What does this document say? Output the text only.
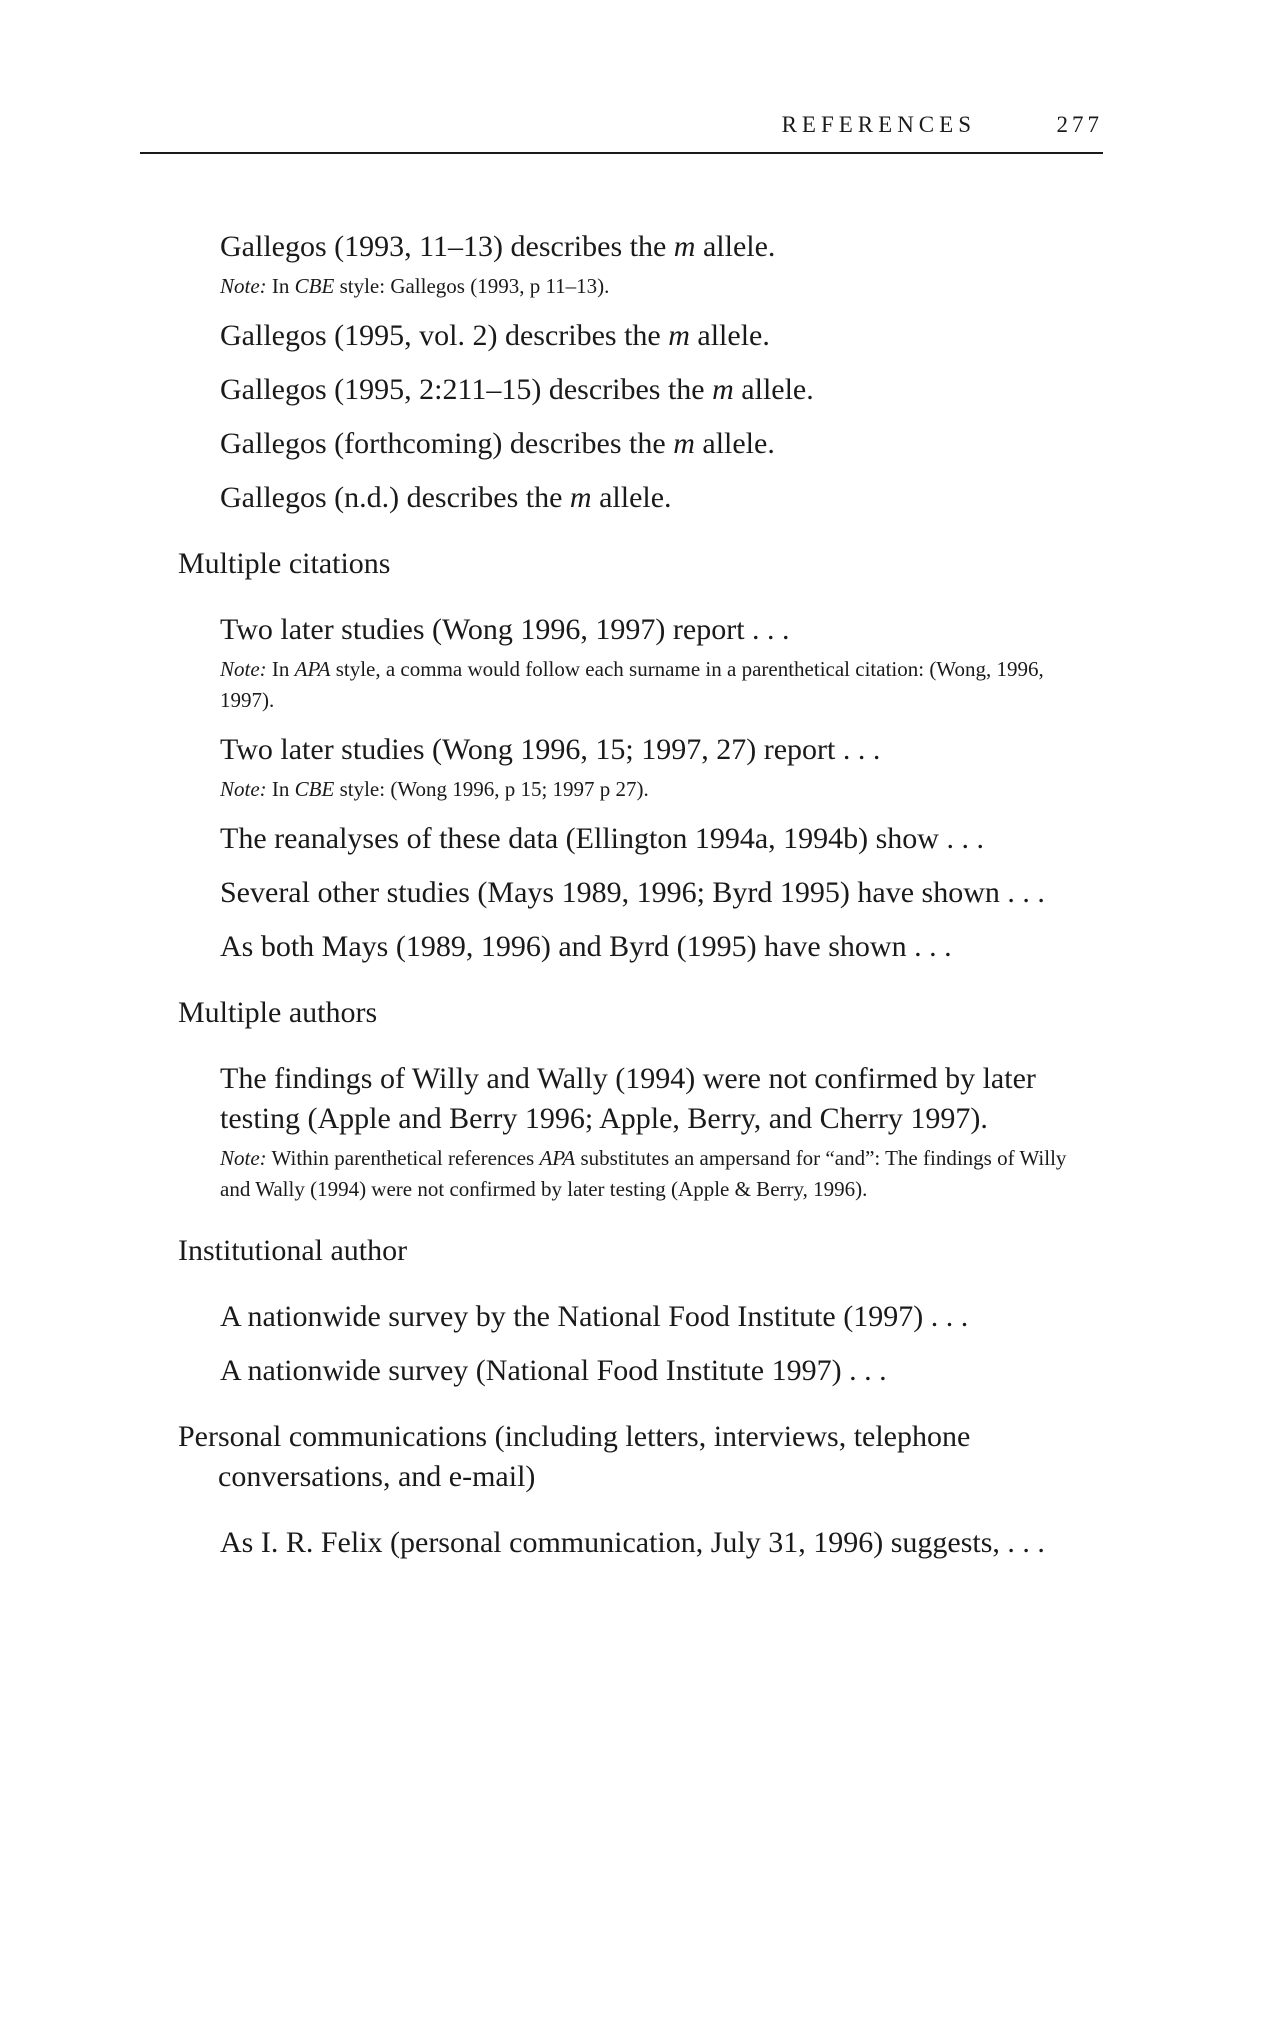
REFERENCES	277
Gallegos (1993, 11–13) describes the m allele.
Note: In CBE style: Gallegos (1993, p 11–13).
Gallegos (1995, vol. 2) describes the m allele.
Gallegos (1995, 2:211–15) describes the m allele.
Gallegos (forthcoming) describes the m allele.
Gallegos (n.d.) describes the m allele.
Multiple citations
Two later studies (Wong 1996, 1997) report . . .
Note: In APA style, a comma would follow each surname in a parenthetical citation: (Wong, 1996, 1997).
Two later studies (Wong 1996, 15; 1997, 27) report . . .
Note: In CBE style: (Wong 1996, p 15; 1997 p 27).
The reanalyses of these data (Ellington 1994a, 1994b) show . . .
Several other studies (Mays 1989, 1996; Byrd 1995) have shown . . .
As both Mays (1989, 1996) and Byrd (1995) have shown . . .
Multiple authors
The findings of Willy and Wally (1994) were not confirmed by later testing (Apple and Berry 1996; Apple, Berry, and Cherry 1997).
Note: Within parenthetical references APA substitutes an ampersand for “and”: The findings of Willy and Wally (1994) were not confirmed by later testing (Apple & Berry, 1996).
Institutional author
A nationwide survey by the National Food Institute (1997) . . .
A nationwide survey (National Food Institute 1997) . . .
Personal communications (including letters, interviews, telephone conversations, and e-mail)
As I. R. Felix (personal communication, July 31, 1996) suggests, . . .
